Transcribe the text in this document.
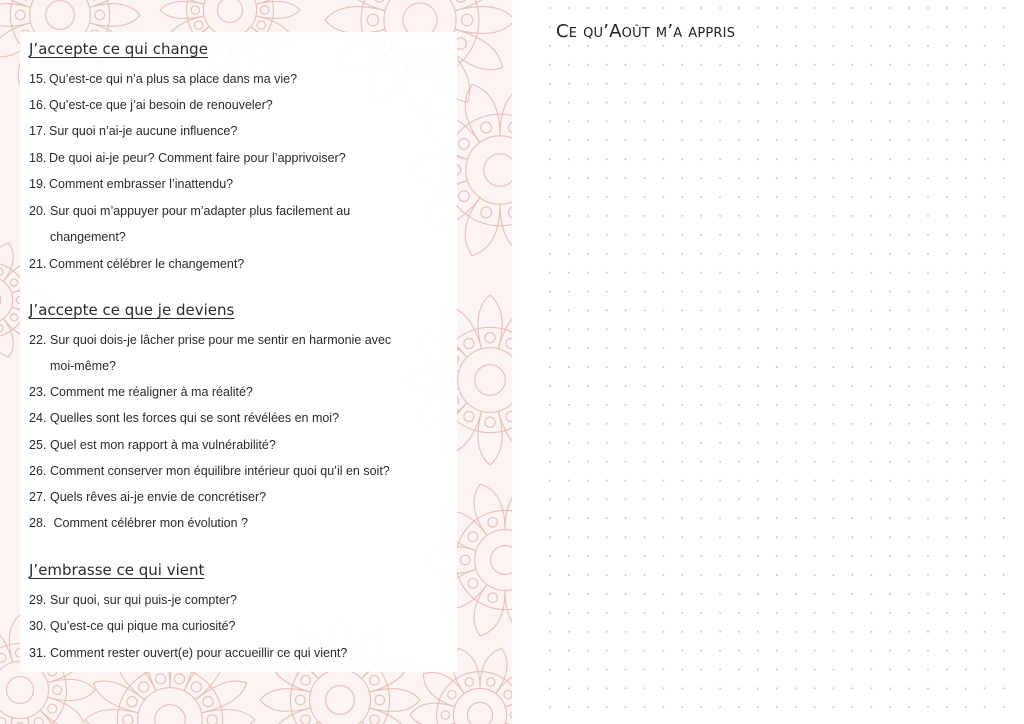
J’accepte ce qui change
15. Qu’est-ce qui n’a plus sa place dans ma vie?
16. Qu’est-ce que j’ai besoin de renouveler?
17. Sur quoi n’ai-je aucune influence?
18. De quoi ai-je peur? Comment faire pour l’apprivoiser?
19. Comment embrasser l’inattendu?
20. Sur quoi m’appuyer pour m’adapter plus facilement au
changement?
21. Comment célébrer le changement?
J’accepte ce que je deviens
22. Sur quoi dois-je lâcher prise pour me sentir en harmonie avec
moi-même?
23. Comment me réaligner à ma réalité?
24. Quelles sont les forces qui se sont révélées en moi?
25. Quel est mon rapport à ma vulnérabilité?
26. Comment conserver mon équilibre intérieur quoi qu’il en soit?
27. Quels rêves ai-je envie de concrétiser?
28. Comment célébrer mon évolution ?
J’embrasse ce qui vient
29. Sur quoi, sur qui puis-je compter?
30. Qu’est-ce qui pique ma curiosité?
31. Comment rester ouvert(e) pour accueillir ce qui vient?
Ce qu’Août m’a appris
